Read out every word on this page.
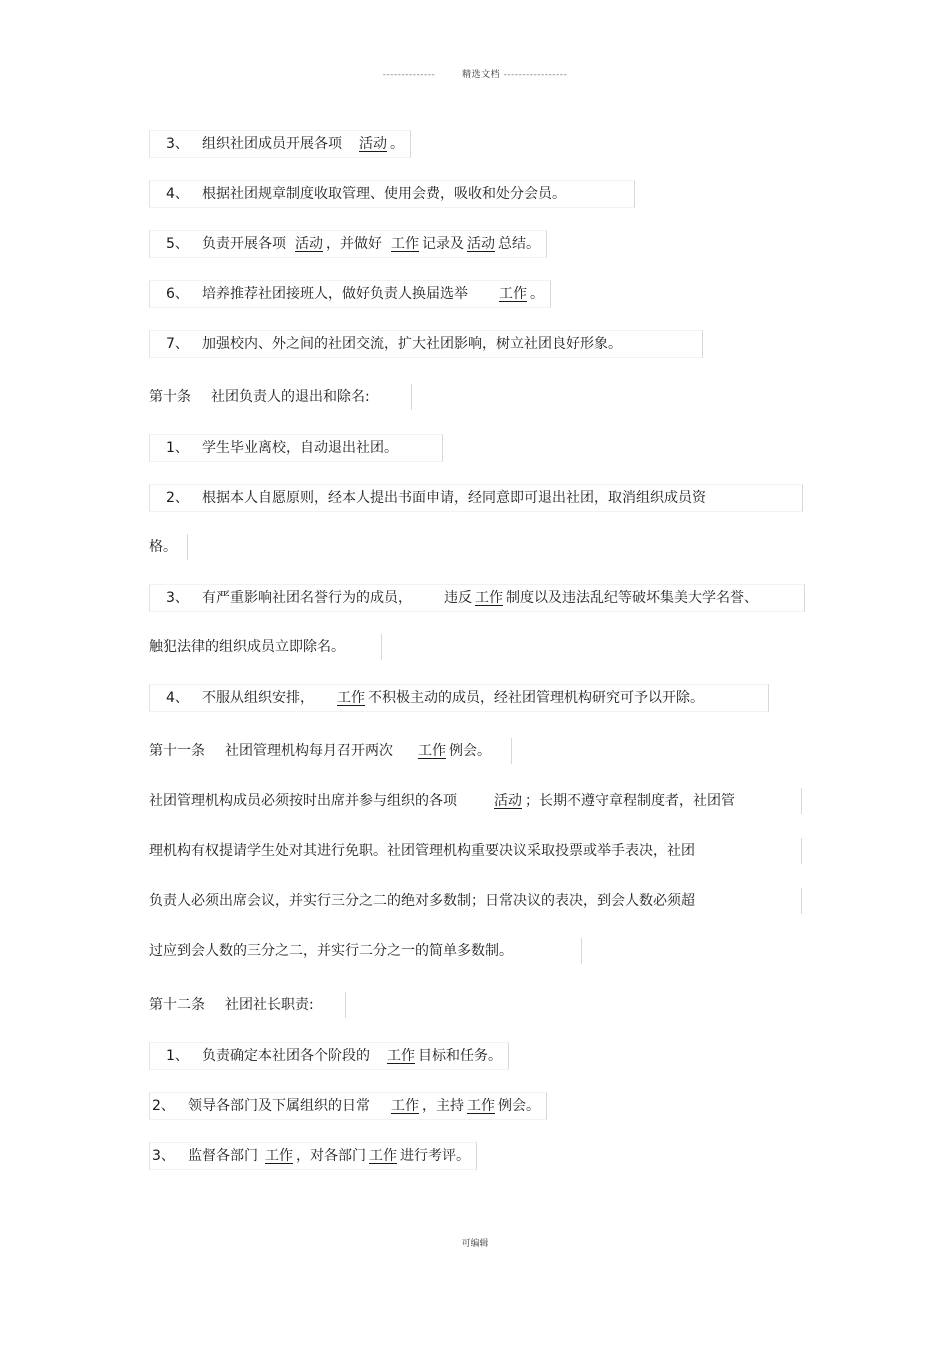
--------------	精选文档 -----------------
3、 组织社团成员开展各项 活动 。
4、 根据社团规章制度收取管理、使用会费，吸收和处分会员。
5、 负责开展各项 活动 ，并做好 工作 记录及 活动 总结。
6、 培养推荐社团接班人，做好负责人换届选举 工作 。
7、 加强校内、外之间的社团交流，扩大社团影响，树立社团良好形象。
第十条 社团负责人的退出和除名:
1、 学生毕业离校，自动退出社团。
2、 根据本人自愿原则，经本人提出书面申请，经同意即可退出社团，取消组织成员资
格。
3、 有严重影响社团名誉行为的成员， 违反 工作 制度以及违法乱纪等破坏集美大学名誉、
触犯法律的组织成员立即除名。
4、 不服从组织安排， 工作 不积极主动的成员，经社团管理机构研究可予以开除。
第十一条 社团管理机构每月召开两次 工作 例会。
社团管理机构成员必须按时出席并参与组织的各项	活动 ；长期不遵守章程制度者，社团管
理机构有权提请学生处对其进行免职。社团管理机构重要决议采取投票或举手表决，社团
负责人必须出席会议，并实行三分之二的绝对多数制；日常决议的表决，到会人数必须超
过应到会人数的三分之二，并实行二分之一的简单多数制。
第十二条 社团社长职责:
1、 负责确定本社团各个阶段的 工作 目标和任务。
2、 领导各部门及下属组织的日常 工作 ，主持 工作 例会。
3、 监督各部门 工作 ，对各部门 工作 进行考评。
可编辑
